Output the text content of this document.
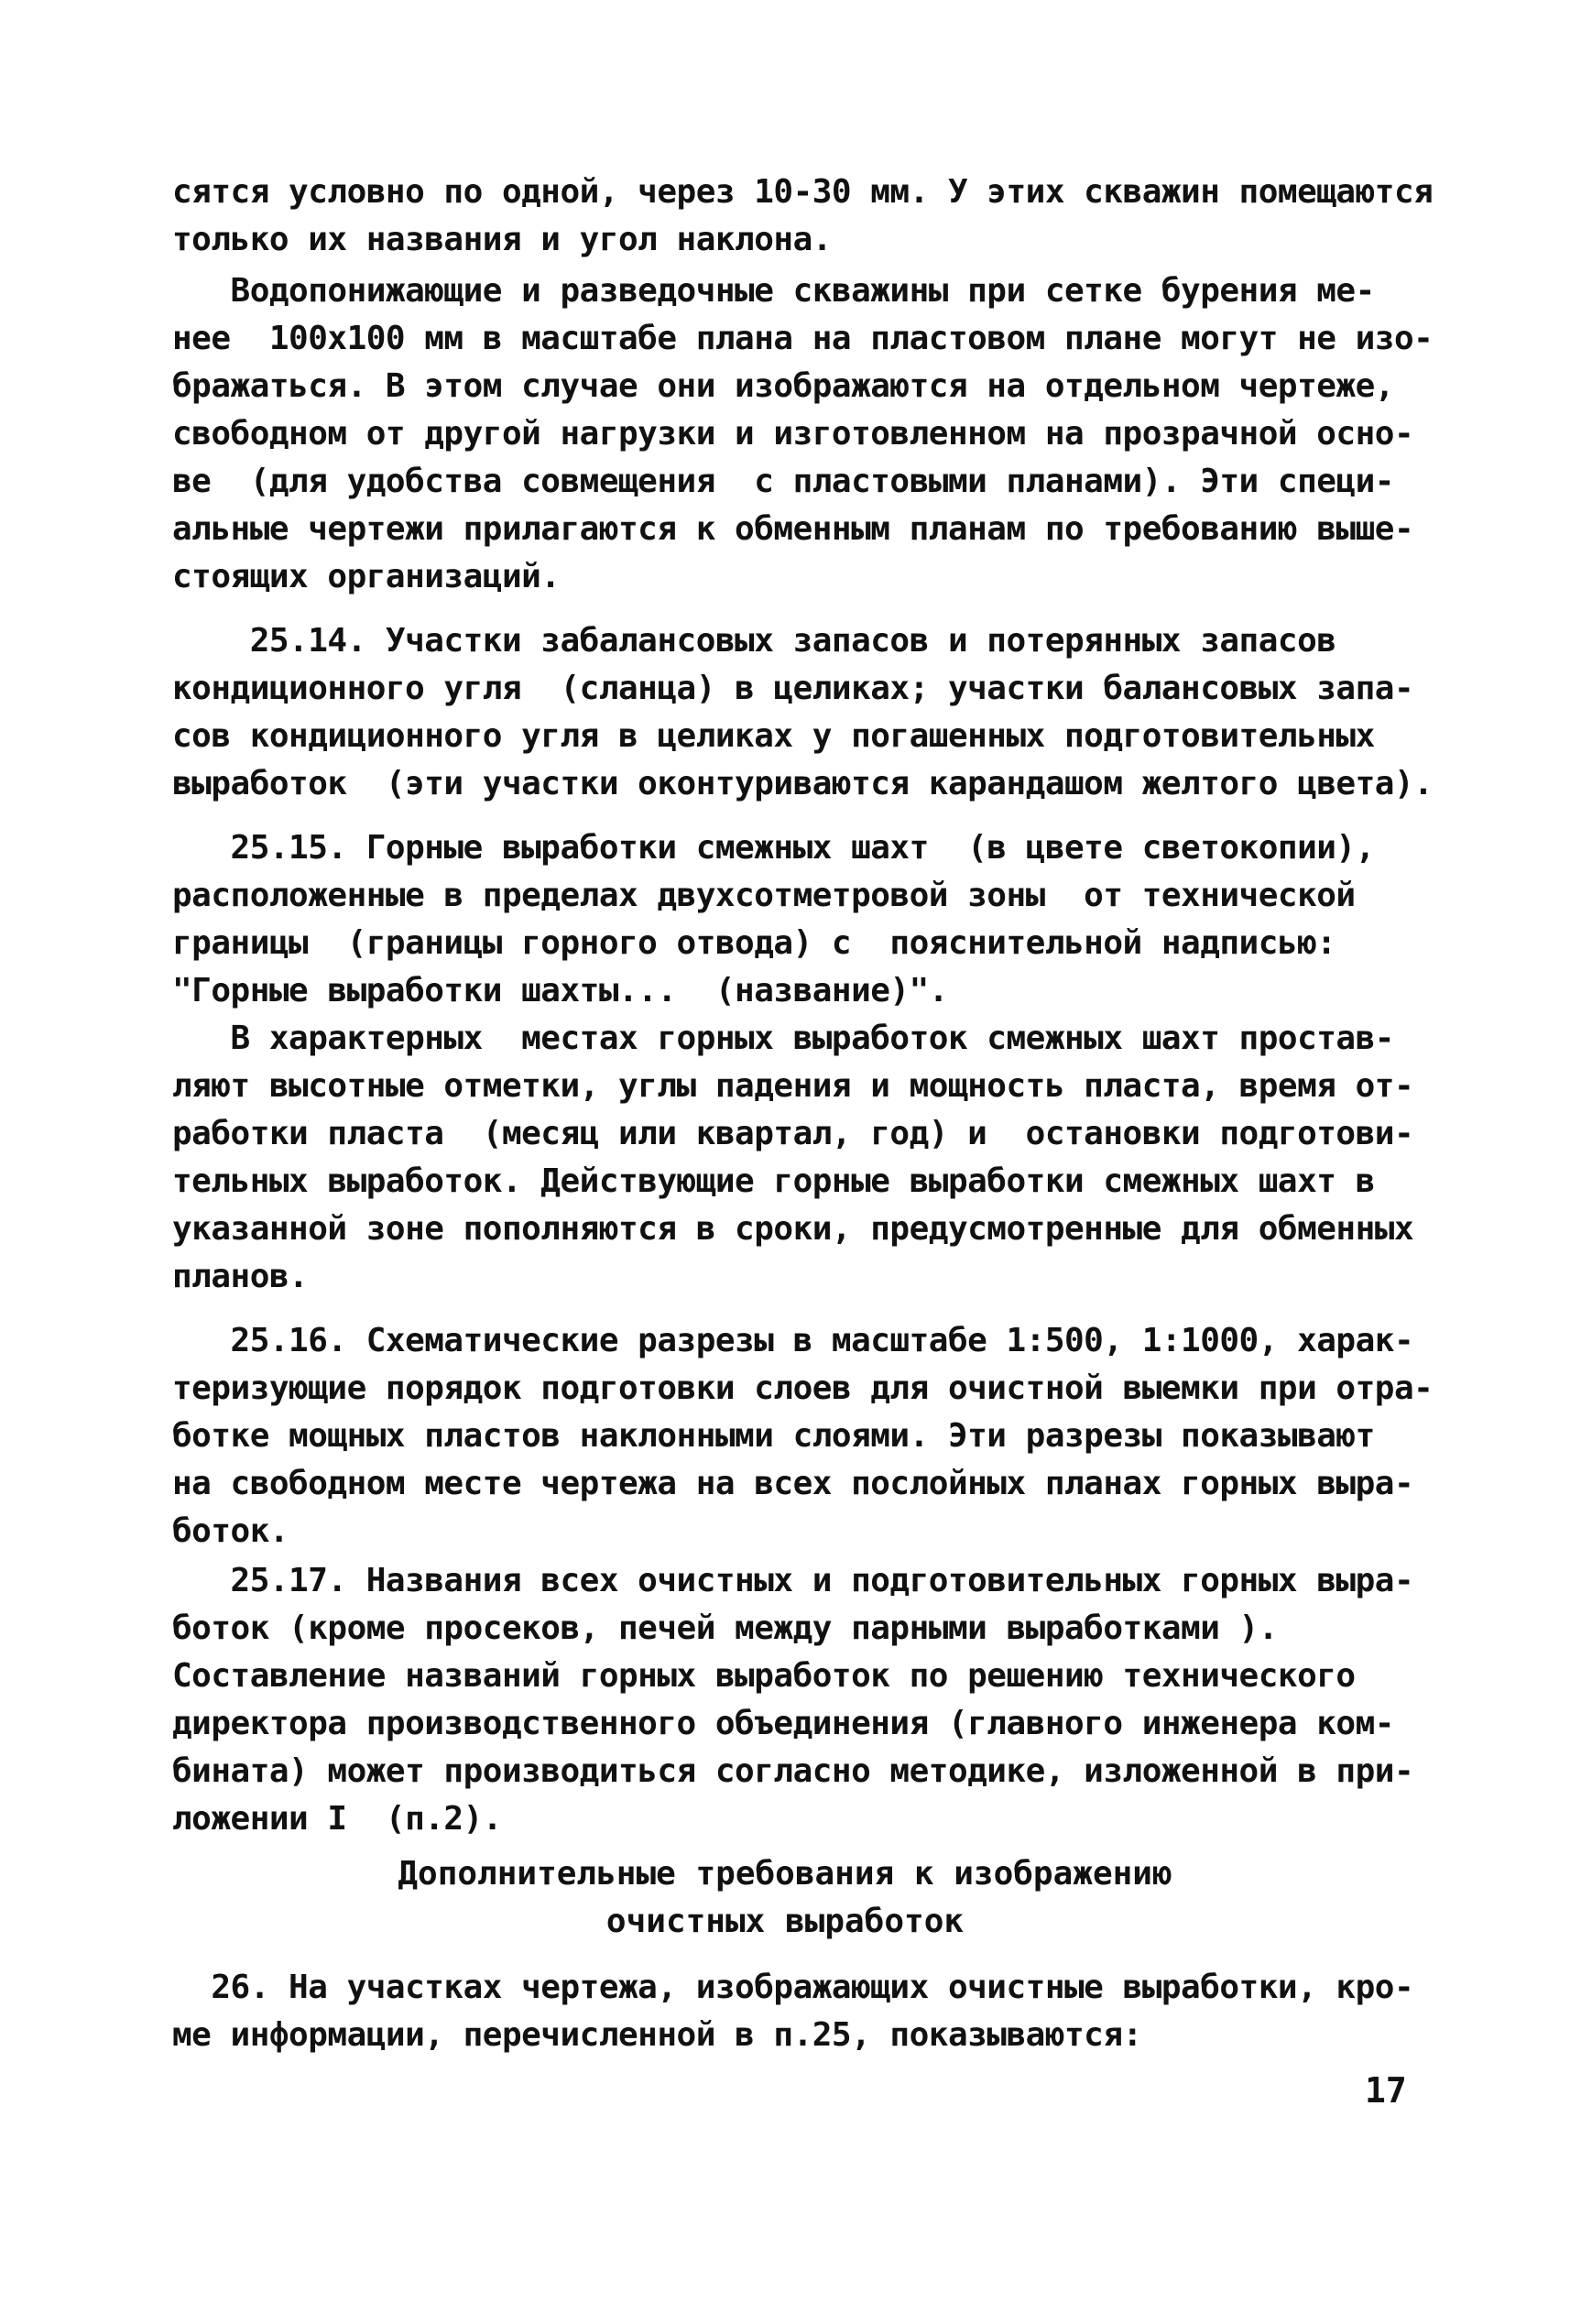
сятся условно по одной, через 10-30 мм. У этих скважин помещаются
только их названия и угол наклона.
Водопонижающие и разведочные скважины при сетке бурения ме-
нее  100x100 мм в масштабе плана на пластовом плане могут не изо-
бражаться. В этом случае они изображаются на отдельном чертеже,
свободном от другой нагрузки и изготовленном на прозрачной осно-
ве  (для удобства совмещения  с пластовыми планами). Эти специ-
альные чертежи прилагаются к обменным планам по требованию выше-
стоящих организаций.
25.14. Участки забалансовых запасов и потерянных запасов
кондиционного угля  (сланца) в целиках; участки балансовых запа-
сов кондиционного угля в целиках у погашенных подготовительных
выработок  (эти участки оконтуриваются карандашом желтого цвета).
25.15. Горные выработки смежных шахт  (в цвете светокопии),
расположенные в пределах двухсотметровой зоны  от технической
границы  (границы горного отвода) с  пояснительной надписью:
"Горные выработки шахты...  (название)".
В характерных  местах горных выработок смежных шахт простав-
ляют высотные отметки, углы падения и мощность пласта, время от-
работки пласта  (месяц или квартал, год) и  остановки подготови-
тельных выработок. Действующие горные выработки смежных шахт в
указанной зоне пополняются в сроки, предусмотренные для обменных
планов.
25.16. Схематические разрезы в масштабе 1:500, 1:1000, харак-
теризующие порядок подготовки слоев для очистной выемки при отра-
ботке мощных пластов наклонными слоями. Эти разрезы показывают
на свободном месте чертежа на всех послойных планах горных выра-
боток.
25.17. Названия всех очистных и подготовительных горных выра-
боток (кроме просеков, печей между парными выработками ).
Составление названий горных выработок по решению технического
директора производственного объединения (главного инженера ком-
бината) может производиться согласно методике, изложенной в при-
ложении I  (п.2).
Дополнительные требования к изображению
очистных выработок
26. На участках чертежа, изображающих очистные выработки, кро-
ме информации, перечисленной в п.25, показываются:
17
